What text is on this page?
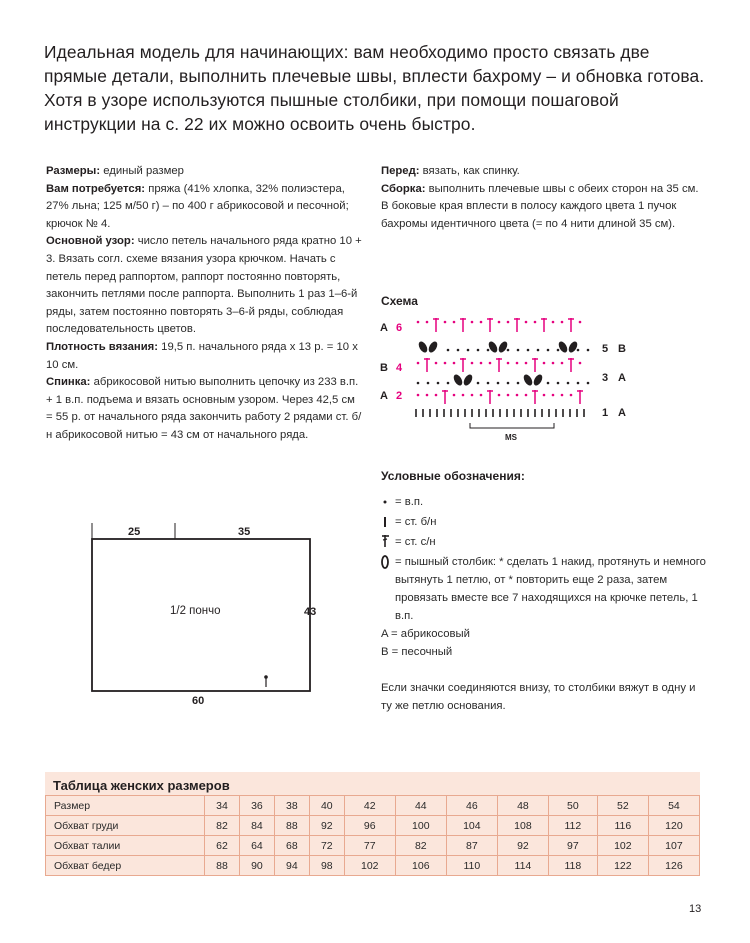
Идеальная модель для начинающих: вам необходимо просто связать две прямые детали, выполнить плечевые швы, вплести бахрому – и обновка готова. Хотя в узоре используются пышные столбики, при помощи пошаговой инструкции на с. 22 их можно освоить очень быстро.

Размеры: единый размер

Вам потребуется: пряжа (41% хлопка, 32% полиэстера, 27% льна; 125 м/50 г) – по 400 г абрикосовой и песочной; крючок № 4.

Основной узор: число петель начального ряда кратно 10 + 3. Вязать согл. схеме вязания узора крючком. Начать с петель перед раппортом, раппорт постоянно повторять, закончить петлями после раппорта. Выполнить 1 раз 1–6-й ряды, затем постоянно повторять 3–6-й ряды, соблюдая последовательность цветов.

Плотность вязания: 19,5 п. начального ряда х 13 р. = 10 х 10 см.

Спинка: абрикосовой нитью выполнить цепочку из 233 в.п. + 1 в.п. подъема и вязать основным узором. Через 42,5 см = 55 р. от начального ряда закончить работу 2 рядами ст. б/н абрикосовой нитью = 43 см от начального ряда.

Перед: вязать, как спинку.

Сборка: выполнить плечевые швы с обеих сторон на 35 см. В боковые края вплести в полосу каждого цвета 1 пучок бахромы идентичного цвета (= по 4 нити длиной 35 см).

Схема
A 6
B 4
A 2
5 B
3 A
1 A
MS
Условные обозначения:
= в.п.
= ст. б/н
= ст. с/н

= пышный столбик: * сделать 1 накид, протянуть и немного вытянуть 1 петлю, от * повторить еще 2 раза, затем провязать вместе все 7 находящихся на крючке петель, 1 в.п.

A = абрикосовый

B = песочный

Если значки соединяются внизу, то столбики вяжут в одну и ту же петлю основания.

25	35
43
60
1/2 пончо
Таблица женских размеров
Размер	34	36	38	40	42	44	46	48	50	52	54
Обхват груди	82	84	88	92	96	100	104	108	112	116	120
Обхват талии	62	64	68	72	77	82	87	92	97	102	107
Обхват бедер	88	90	94	98	102	106	110	114	118	122	126
13
